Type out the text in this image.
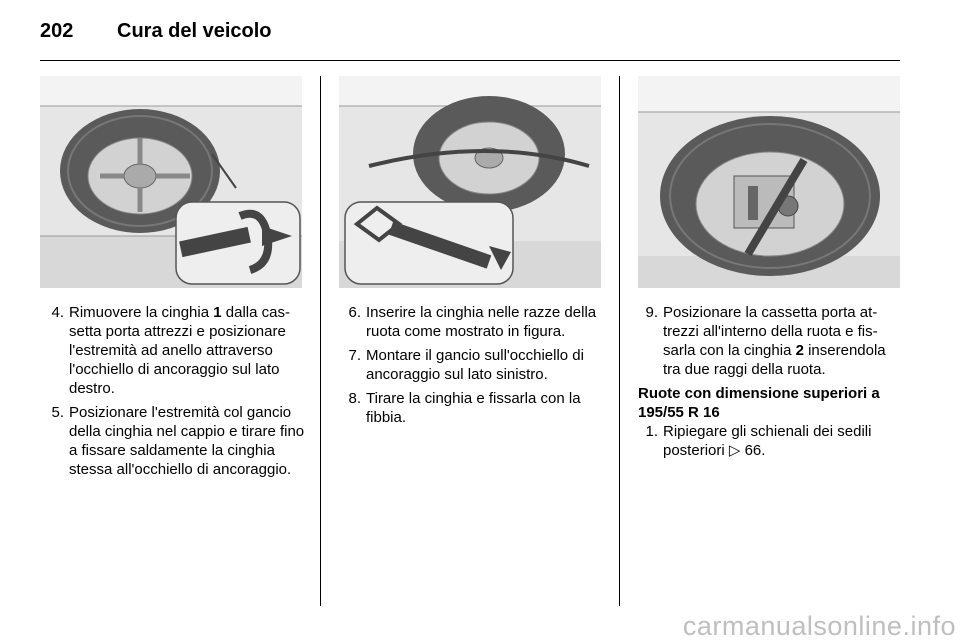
202 Cura del veicolo
4. Rimuovere la cinghia 1 dalla cassetta porta attrezzi e posizionare l'estremità ad anello attraverso l'occhiello di ancoraggio sul lato destro.
5. Posizionare l'estremità col gancio della cinghia nel cappio e tirare fino a fissare saldamente la cinghia stessa all'occhiello di ancoraggio.
6. Inserire la cinghia nelle razze della ruota come mostrato in figura.
7. Montare il gancio sull'occhiello di ancoraggio sul lato sinistro.
8. Tirare la cinghia e fissarla con la fibbia.
9. Posizionare la cassetta porta attrezzi all'interno della ruota e fissarla con la cinghia 2 inserendola tra due raggi della ruota.
Ruote con dimensione superiori a 195/55 R 16
1. Ripiegare gli schienali dei sedili posteriori ▷ 66.
carmanualsonline.info
